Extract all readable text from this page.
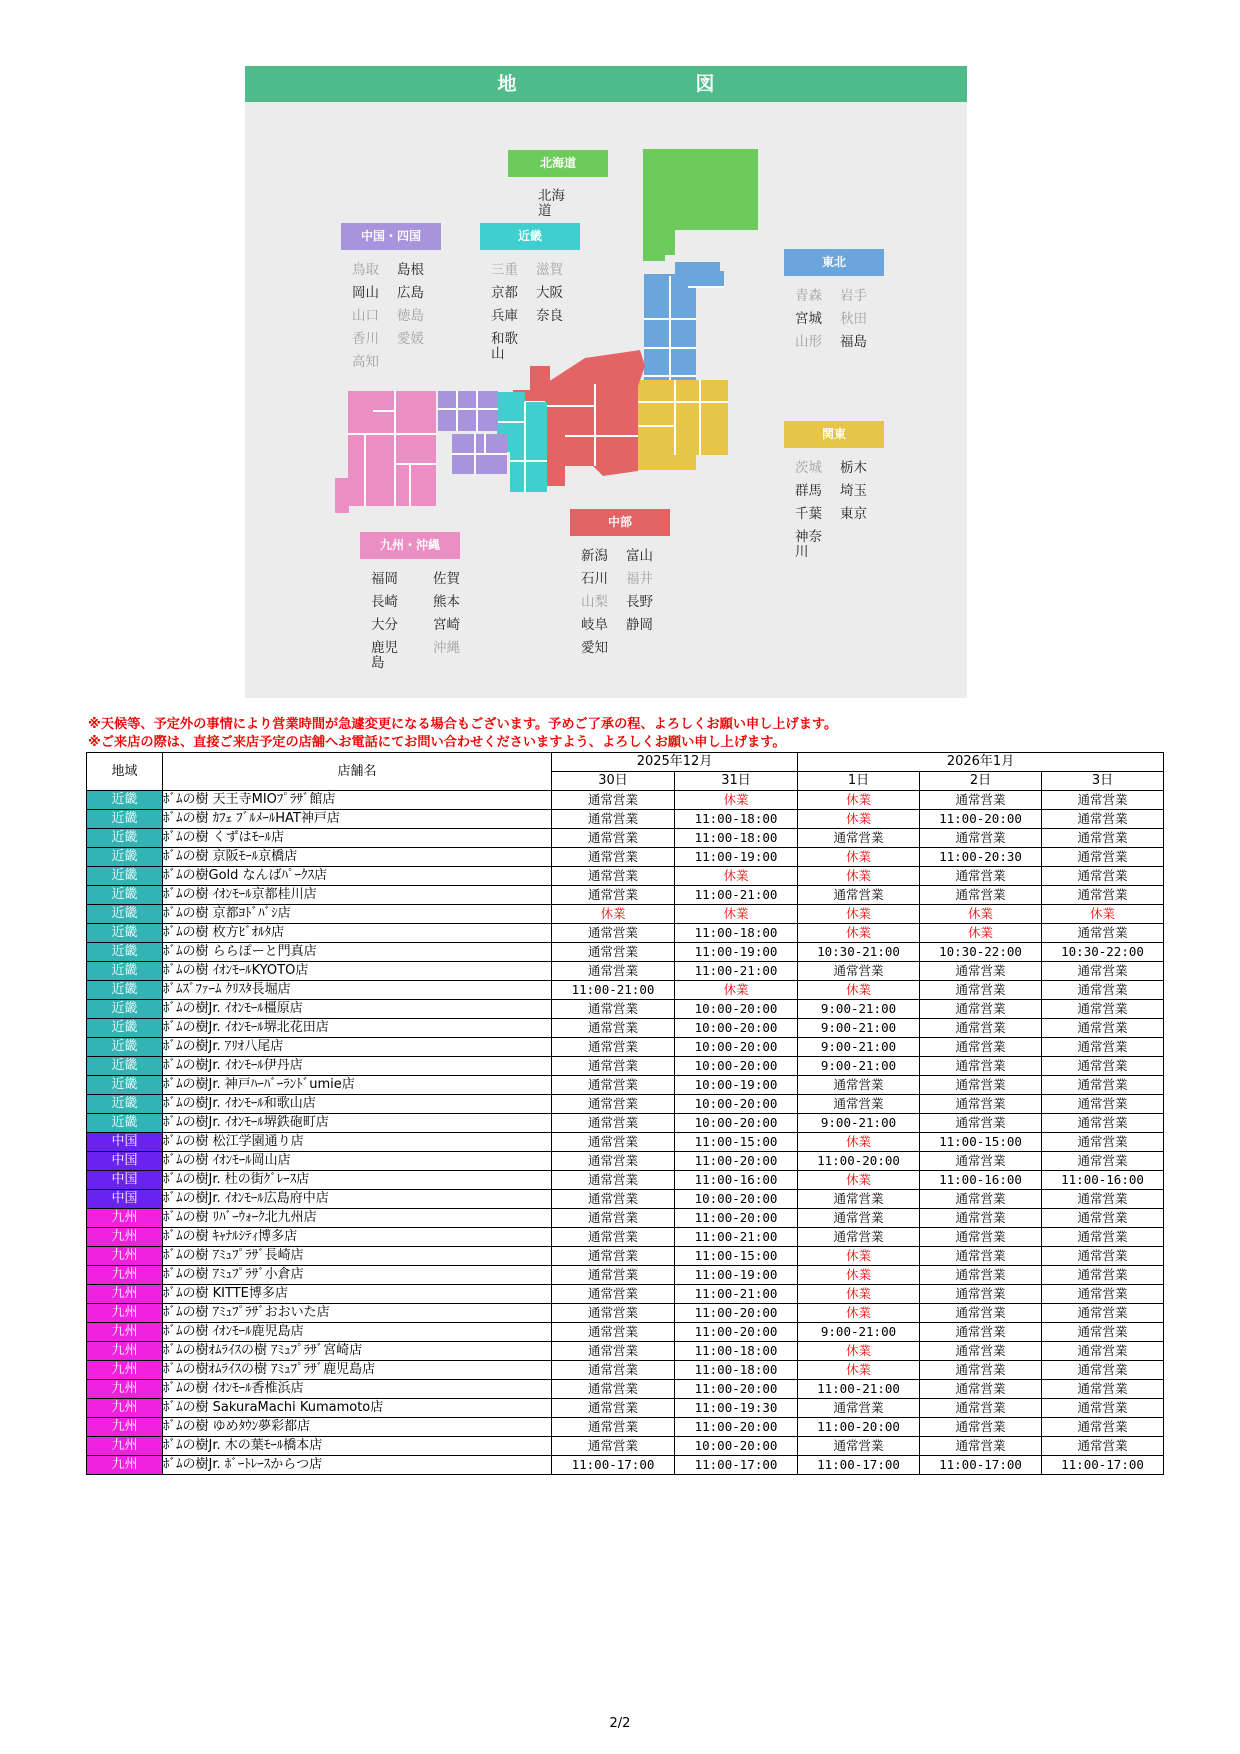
地　図
北海道
北海道
東北
青森	岩手
宮城	秋田
山形	福島
関東
茨城	栃木
群馬	埼玉
千葉	東京
神奈川
中部
新潟	富山
石川	福井
山梨	長野
岐阜	静岡
愛知
近畿
三重	滋賀
京都	大阪
兵庫	奈良
和歌山
中国・四国
鳥取	島根
岡山	広島
山口	徳島
香川	愛媛
高知
九州・沖縄
福岡	佐賀
長崎	熊本
大分	宮崎
鹿児島
沖縄
※天候等、予定外の事情により営業時間が急遽変更になる場合もございます。予めご了承の程、よろしくお願い申し上げます。
※ご来店の際は、直接ご来店予定の店舗へお電話にてお問い合わせくださいますよう、よろしくお願い申し上げます。
地域	店舗名	2025年12月		2026年1月		
		30日	31日	1日	2日	3日
近畿	ﾎﾞﾑの樹 天王寺MIOﾌﾟﾗｻﾞ館店	通常営業	休業	休業	通常営業	通常営業
近畿	ﾎﾞﾑの樹 ｶﾌｪ ﾌﾞﾙﾒｰﾙHAT神戸店	通常営業	11:00-18:00	休業	11:00-20:00	通常営業
近畿	ﾎﾞﾑの樹 くずはﾓｰﾙ店	通常営業	11:00-18:00	通常営業	通常営業	通常営業
近畿	ﾎﾞﾑの樹 京阪ﾓｰﾙ京橋店	通常営業	11:00-19:00	休業	11:00-20:30	通常営業
近畿	ﾎﾞﾑの樹Gold なんばﾊﾟｰｸｽ店	通常営業	休業	休業	通常営業	通常営業
近畿	ﾎﾞﾑの樹 ｲｵﾝﾓｰﾙ京都桂川店	通常営業	11:00-21:00	通常営業	通常営業	通常営業
近畿	ﾎﾞﾑの樹 京都ﾖﾄﾞﾊﾞｼ店	休業	休業	休業	休業	休業
近畿	ﾎﾞﾑの樹 枚方ﾋﾞｵﾙﾀ店	通常営業	11:00-18:00	休業	休業	通常営業
近畿	ﾎﾞﾑの樹 ららぽーと門真店	通常営業	11:00-19:00	10:30-21:00	10:30-22:00	10:30-22:00
近畿	ﾎﾞﾑの樹 ｲｵﾝﾓｰﾙKYOTO店	通常営業	11:00-21:00	通常営業	通常営業	通常営業
近畿	ﾎﾞﾑｽﾞﾌｧｰﾑ ｸﾘｽﾀ長堀店	11:00-21:00	休業	休業	通常営業	通常営業
近畿	ﾎﾞﾑの樹Jr. ｲｵﾝﾓｰﾙ橿原店	通常営業	10:00-20:00	9:00-21:00	通常営業	通常営業
近畿	ﾎﾞﾑの樹Jr. ｲｵﾝﾓｰﾙ堺北花田店	通常営業	10:00-20:00	9:00-21:00	通常営業	通常営業
近畿	ﾎﾞﾑの樹Jr. ｱﾘｵ八尾店	通常営業	10:00-20:00	9:00-21:00	通常営業	通常営業
近畿	ﾎﾞﾑの樹Jr. ｲｵﾝﾓｰﾙ伊丹店	通常営業	10:00-20:00	9:00-21:00	通常営業	通常営業
近畿	ﾎﾞﾑの樹Jr. 神戸ﾊｰﾊﾞｰﾗﾝﾄﾞumie店	通常営業	10:00-19:00	通常営業	通常営業	通常営業
近畿	ﾎﾞﾑの樹Jr. ｲｵﾝﾓｰﾙ和歌山店	通常営業	10:00-20:00	通常営業	通常営業	通常営業
近畿	ﾎﾞﾑの樹Jr. ｲｵﾝﾓｰﾙ堺鉄砲町店	通常営業	10:00-20:00	9:00-21:00	通常営業	通常営業
中国	ﾎﾞﾑの樹 松江学園通り店	通常営業	11:00-15:00	休業	11:00-15:00	通常営業
中国	ﾎﾞﾑの樹 ｲｵﾝﾓｰﾙ岡山店	通常営業	11:00-20:00	11:00-20:00	通常営業	通常営業
中国	ﾎﾞﾑの樹Jr. 杜の街ｸﾞﾚｰｽ店	通常営業	11:00-16:00	休業	11:00-16:00	11:00-16:00
中国	ﾎﾞﾑの樹Jr. ｲｵﾝﾓｰﾙ広島府中店	通常営業	10:00-20:00	通常営業	通常営業	通常営業
九州	ﾎﾞﾑの樹 ﾘﾊﾞｰｳｫｰｸ北九州店	通常営業	11:00-20:00	通常営業	通常営業	通常営業
九州	ﾎﾞﾑの樹 ｷｬﾅﾙｼﾃｨ博多店	通常営業	11:00-21:00	通常営業	通常営業	通常営業
九州	ﾎﾞﾑの樹 ｱﾐｭﾌﾟﾗｻﾞ長崎店	通常営業	11:00-15:00	休業	通常営業	通常営業
九州	ﾎﾞﾑの樹 ｱﾐｭﾌﾟﾗｻﾞ小倉店	通常営業	11:00-19:00	休業	通常営業	通常営業
九州	ﾎﾞﾑの樹 KITTE博多店	通常営業	11:00-21:00	休業	通常営業	通常営業
九州	ﾎﾞﾑの樹 ｱﾐｭﾌﾟﾗｻﾞおおいた店	通常営業	11:00-20:00	休業	通常営業	通常営業
九州	ﾎﾞﾑの樹 ｲｵﾝﾓｰﾙ鹿児島店	通常営業	11:00-20:00	9:00-21:00	通常営業	通常営業
九州	ﾎﾞﾑの樹ｵﾑﾗｲｽの樹 ｱﾐｭﾌﾟﾗｻﾞ宮崎店	通常営業	11:00-18:00	休業	通常営業	通常営業
九州	ﾎﾞﾑの樹ｵﾑﾗｲｽの樹 ｱﾐｭﾌﾟﾗｻﾞ鹿児島店	通常営業	11:00-18:00	休業	通常営業	通常営業
九州	ﾎﾞﾑの樹 ｲｵﾝﾓｰﾙ香椎浜店	通常営業	11:00-20:00	11:00-21:00	通常営業	通常営業
九州	ﾎﾞﾑの樹 SakuraMachi Kumamoto店	通常営業	11:00-19:30	通常営業	通常営業	通常営業
九州	ﾎﾞﾑの樹 ゆめﾀｳﾝ夢彩都店	通常営業	11:00-20:00	11:00-20:00	通常営業	通常営業
九州	ﾎﾞﾑの樹Jr. 木の葉ﾓｰﾙ橋本店	通常営業	10:00-20:00	通常営業	通常営業	通常営業
九州	ﾎﾞﾑの樹Jr. ﾎﾞｰﾄﾚｰｽからつ店	11:00-17:00	11:00-17:00	11:00-17:00	11:00-17:00	11:00-17:00
2/2
